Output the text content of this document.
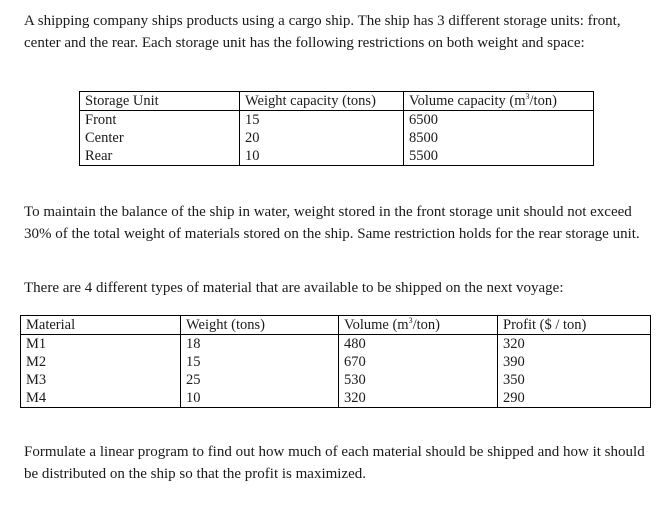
A shipping company ships products using a cargo ship. The ship has 3 different storage units: front, center and the rear. Each storage unit has the following restrictions on both weight and space:

Storage Unit	Weight capacity (tons)	Volume capacity $(m^3/ton)$
Front	15	6500
Center	20	8500
Rear	10	5500

To maintain the balance of the ship in water, weight stored in the front storage unit should not exceed 30% of the total weight of materials stored on the ship. Same restriction holds for the rear storage unit.

There are 4 different types of material that are available to be shipped on the next voyage:

Material	Weight (tons)	Volume $(m^3/ton)$	Profit ($ / ton)
M1	18	480	320
M2	15	670	390
M3	25	530	350
M4	10	320	290

Formulate a linear program to find out how much of each material should be shipped and how it should be distributed on the ship so that the profit is maximized.
